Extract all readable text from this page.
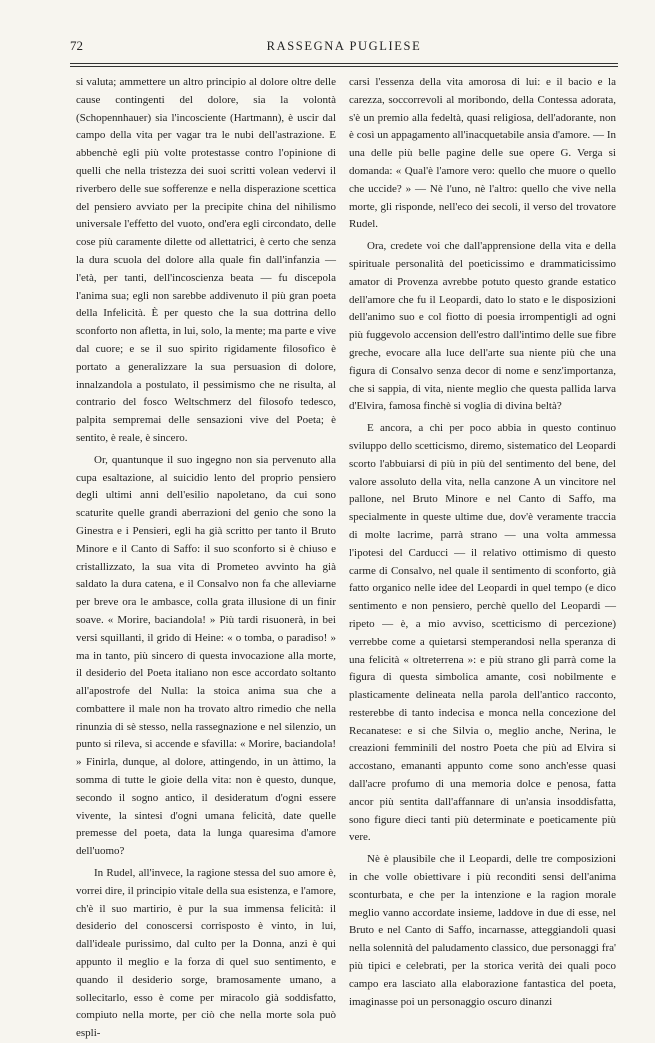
72	RASSEGNA PUGLIESE

si valuta; ammettere un altro principio al dolore oltre delle cause contingenti del dolore, sia la volontà (Schopennhauer) sia l'incosciente (Hartmann), è uscir dal campo della vita per vagar tra le nubi dell'astrazione. E abbenchè egli più volte protestasse contro l'opinione di quelli che nella tristezza dei suoi scritti volean vedervi il riverbero delle sue sofferenze e nella disperazione scettica del pensiero avviato per la precipite china del nihilismo universale l'effetto del vuoto, ond'era egli circondato, delle cose più caramente dilette od allettatrici, è certo che senza la dura scuola del dolore alla quale fin dall'infanzia — l'età, per tanti, dell'incoscienza beata — fu discepola l'anima sua; egli non sarebbe addivenuto il più gran poeta della Infelicità. È per questo che la sua dottrina dello sconforto non afletta, in lui, solo, la mente; ma parte e vive dal cuore; e se il suo spirito rigidamente filosofico è portato a generalizzare la sua persuasion di dolore, innalzandola a postulato, il pessimismo che ne risulta, al contrario del fosco Weltschmerz del filosofo tedesco, palpita sempremai delle sensazioni vive del Poeta; è sentito, è reale, è sincero.

Or, quantunque il suo ingegno non sia pervenuto alla cupa esaltazione, al suicidio lento del proprio pensiero degli ultimi anni dell'esilio napoletano, da cui sono scaturite quelle grandi aberrazioni del genio che sono la Ginestra e i Pensieri, egli ha già scritto per tanto il Bruto Minore e il Canto di Saffo: il suo sconforto si è chiuso e cristallizzato, la sua vita di Prometeo avvinto ha già saldato la dura catena, e il Consalvo non fa che alleviarne per breve ora le ambasce, colla grata illusione di un finir soave. « Morire, baciandola! » Più tardi risuonerà, in bei versi squillanti, il grido di Heine: « o tomba, o paradiso! » ma in tanto, più sincero di questa invocazione alla morte, il desiderio del Poeta italiano non esce accordato soltanto all'apostrofe del Nulla: la stoica anima sua che a combattere il male non ha trovato altro rimedio che nella rinunzia di sè stesso, nella rassegnazione e nel silenzio, un punto si rileva, si accende e sfavilla: « Morire, baciandola! » Finirla, dunque, al dolore, attingendo, in un àttimo, la somma di tutte le gioie della vita: non è questo, dunque, secondo il sogno antico, il desideratum d'ogni essere vivente, la sintesi d'ogni umana felicità, date quelle premesse del poeta, data la lunga quaresima d'amore dell'uomo?

In Rudel, all'invece, la ragione stessa del suo amore è, vorrei dire, il principio vitale della sua esistenza, e l'amore, ch'è il suo martirio, è pur la sua immensa felicità: il desiderio del conoscersi corrisposto è vinto, in lui, dall'ideale purissimo, dal culto per la Donna, anzi è qui appunto il meglio e la forza di quel suo sentimento, e quando il desiderio sorge, bramosamente umano, a sollecitarlo, esso è come per miracolo già soddisfatto, compiuto nella morte, per ciò che nella morte sola può espli-

carsi l'essenza della vita amorosa di lui: e il bacio e la carezza, soccorrevoli al moribondo, della Contessa adorata, s'è un premio alla fedeltà, quasi religiosa, dell'adorante, non è così un appagamento all'inacquetabile ansia d'amore. — In una delle più belle pagine delle sue opere G. Verga si domanda: « Qual'è l'amore vero: quello che muore o quello che uccide? » — Nè l'uno, nè l'altro: quello che vive nella morte, gli risponde, nell'eco dei secoli, il verso del trovatore Rudel.

Ora, credete voi che dall'apprensione della vita e della spirituale personalità del poeticissimo e drammaticissimo amator di Provenza avrebbe potuto questo grande estatico dell'amore che fu il Leopardi, dato lo stato e le disposizioni dell'animo suo e col fiotto di poesia irrompentigli ad ogni più fuggevolo accension dell'estro dall'intimo delle sue fibre greche, evocare alla luce dell'arte sua niente più che una figura di Consalvo senza decor di nome e senz'importanza, che si sappia, di vita, niente meglio che questa pallida larva d'Elvira, famosa finchè si voglia di divina beltà?

E ancora, a chi per poco abbia in questo continuo sviluppo dello scetticismo, diremo, sistematico del Leopardi scorto l'abbuiarsi di più in più del sentimento del bene, del valore assoluto della vita, nella canzone A un vincitore nel pallone, nel Bruto Minore e nel Canto di Saffo, ma specialmente in queste ultime due, dov'è veramente traccia di molte lacrime, parrà strano — una volta ammessa l'ipotesi del Carducci — il relativo ottimismo di questo carme di Consalvo, nel quale il sentimento di sconforto, già fatto organico nelle idee del Leopardi in quel tempo (e dico sentimento e non pensiero, perchè quello del Leopardi — ripeto — è, a mio avviso, scetticismo di percezione) verrebbe come a quietarsi stemperandosi nella speranza di una felicità « oltreterrena »: e più strano gli parrà come la figura di questa simbolica amante, così nobilmente e plasticamente delineata nella parola dell'antico racconto, resterebbe di tanto indecisa e monca nella concezione del Recanatese: e si che Silvia o, meglio anche, Nerina, le creazioni femminili del nostro Poeta che più ad Elvira si accostano, emananti appunto come sono anch'esse quasi dall'acre profumo di una memoria dolce e penosa, fatta ancor più sentita dall'affannare di un'ansia insoddisfatta, sono figure dieci tanti più determinate e poeticamente più vere.

Nè è plausibile che il Leopardi, delle tre composizioni in che volle obiettivare i più reconditi sensi dell'anima sconturbata, e che per la intenzione e la ragion morale meglio vanno accordate insieme, laddove in due di esse, nel Bruto e nel Canto di Saffo, incarnasse, atteggiandoli quasi nella solennità del paludamento classico, due personaggi fra' più tipici e celebrati, per la storica verità dei quali poco campo era lasciato alla elaborazione fantastica del poeta, imaginasse poi un personaggio oscuro dinanzi
